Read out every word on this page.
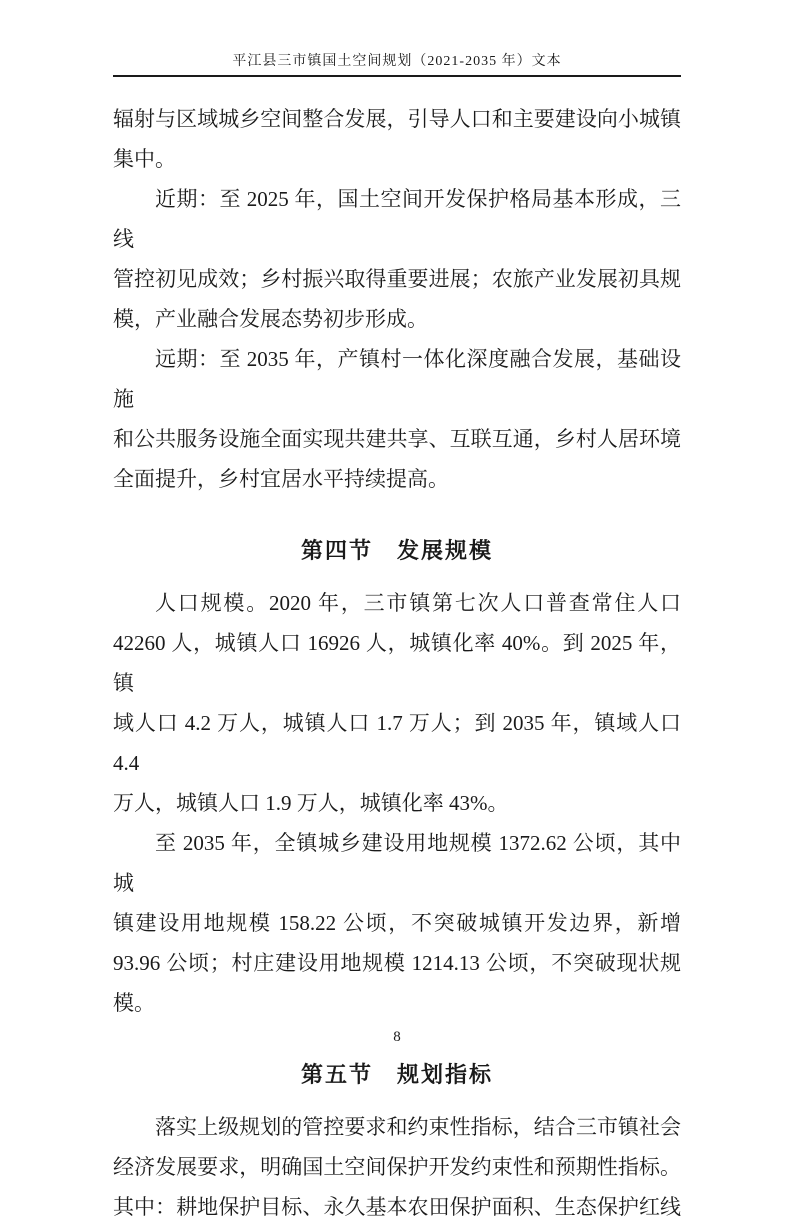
平江县三市镇国土空间规划（2021-2035 年）文本
辐射与区域城乡空间整合发展，引导人口和主要建设向小城镇
集中。
近期：至 2025 年，国土空间开发保护格局基本形成，三线
管控初见成效；乡村振兴取得重要进展；农旅产业发展初具规
模，产业融合发展态势初步形成。
远期：至 2035 年，产镇村一体化深度融合发展，基础设施
和公共服务设施全面实现共建共享、互联互通，乡村人居环境
全面提升，乡村宜居水平持续提高。
第四节　发展规模
人口规模。2020 年，三市镇第七次人口普查常住人口
42260 人，城镇人口 16926 人，城镇化率 40%。到 2025 年，镇
域人口 4.2 万人，城镇人口 1.7 万人；到 2035 年，镇域人口 4.4
万人，城镇人口 1.9 万人，城镇化率 43%。
至 2035 年，全镇城乡建设用地规模 1372.62 公顷，其中城
镇建设用地规模 158.22 公顷，不突破城镇开发边界，新增
93.96 公顷；村庄建设用地规模 1214.13 公顷，不突破现状规
模。
第五节　规划指标
落实上级规划的管控要求和约束性指标，结合三市镇社会
经济发展要求，明确国土空间保护开发约束性和预期性指标。
其中：耕地保护目标、永久基本农田保护面积、生态保护红线
8
